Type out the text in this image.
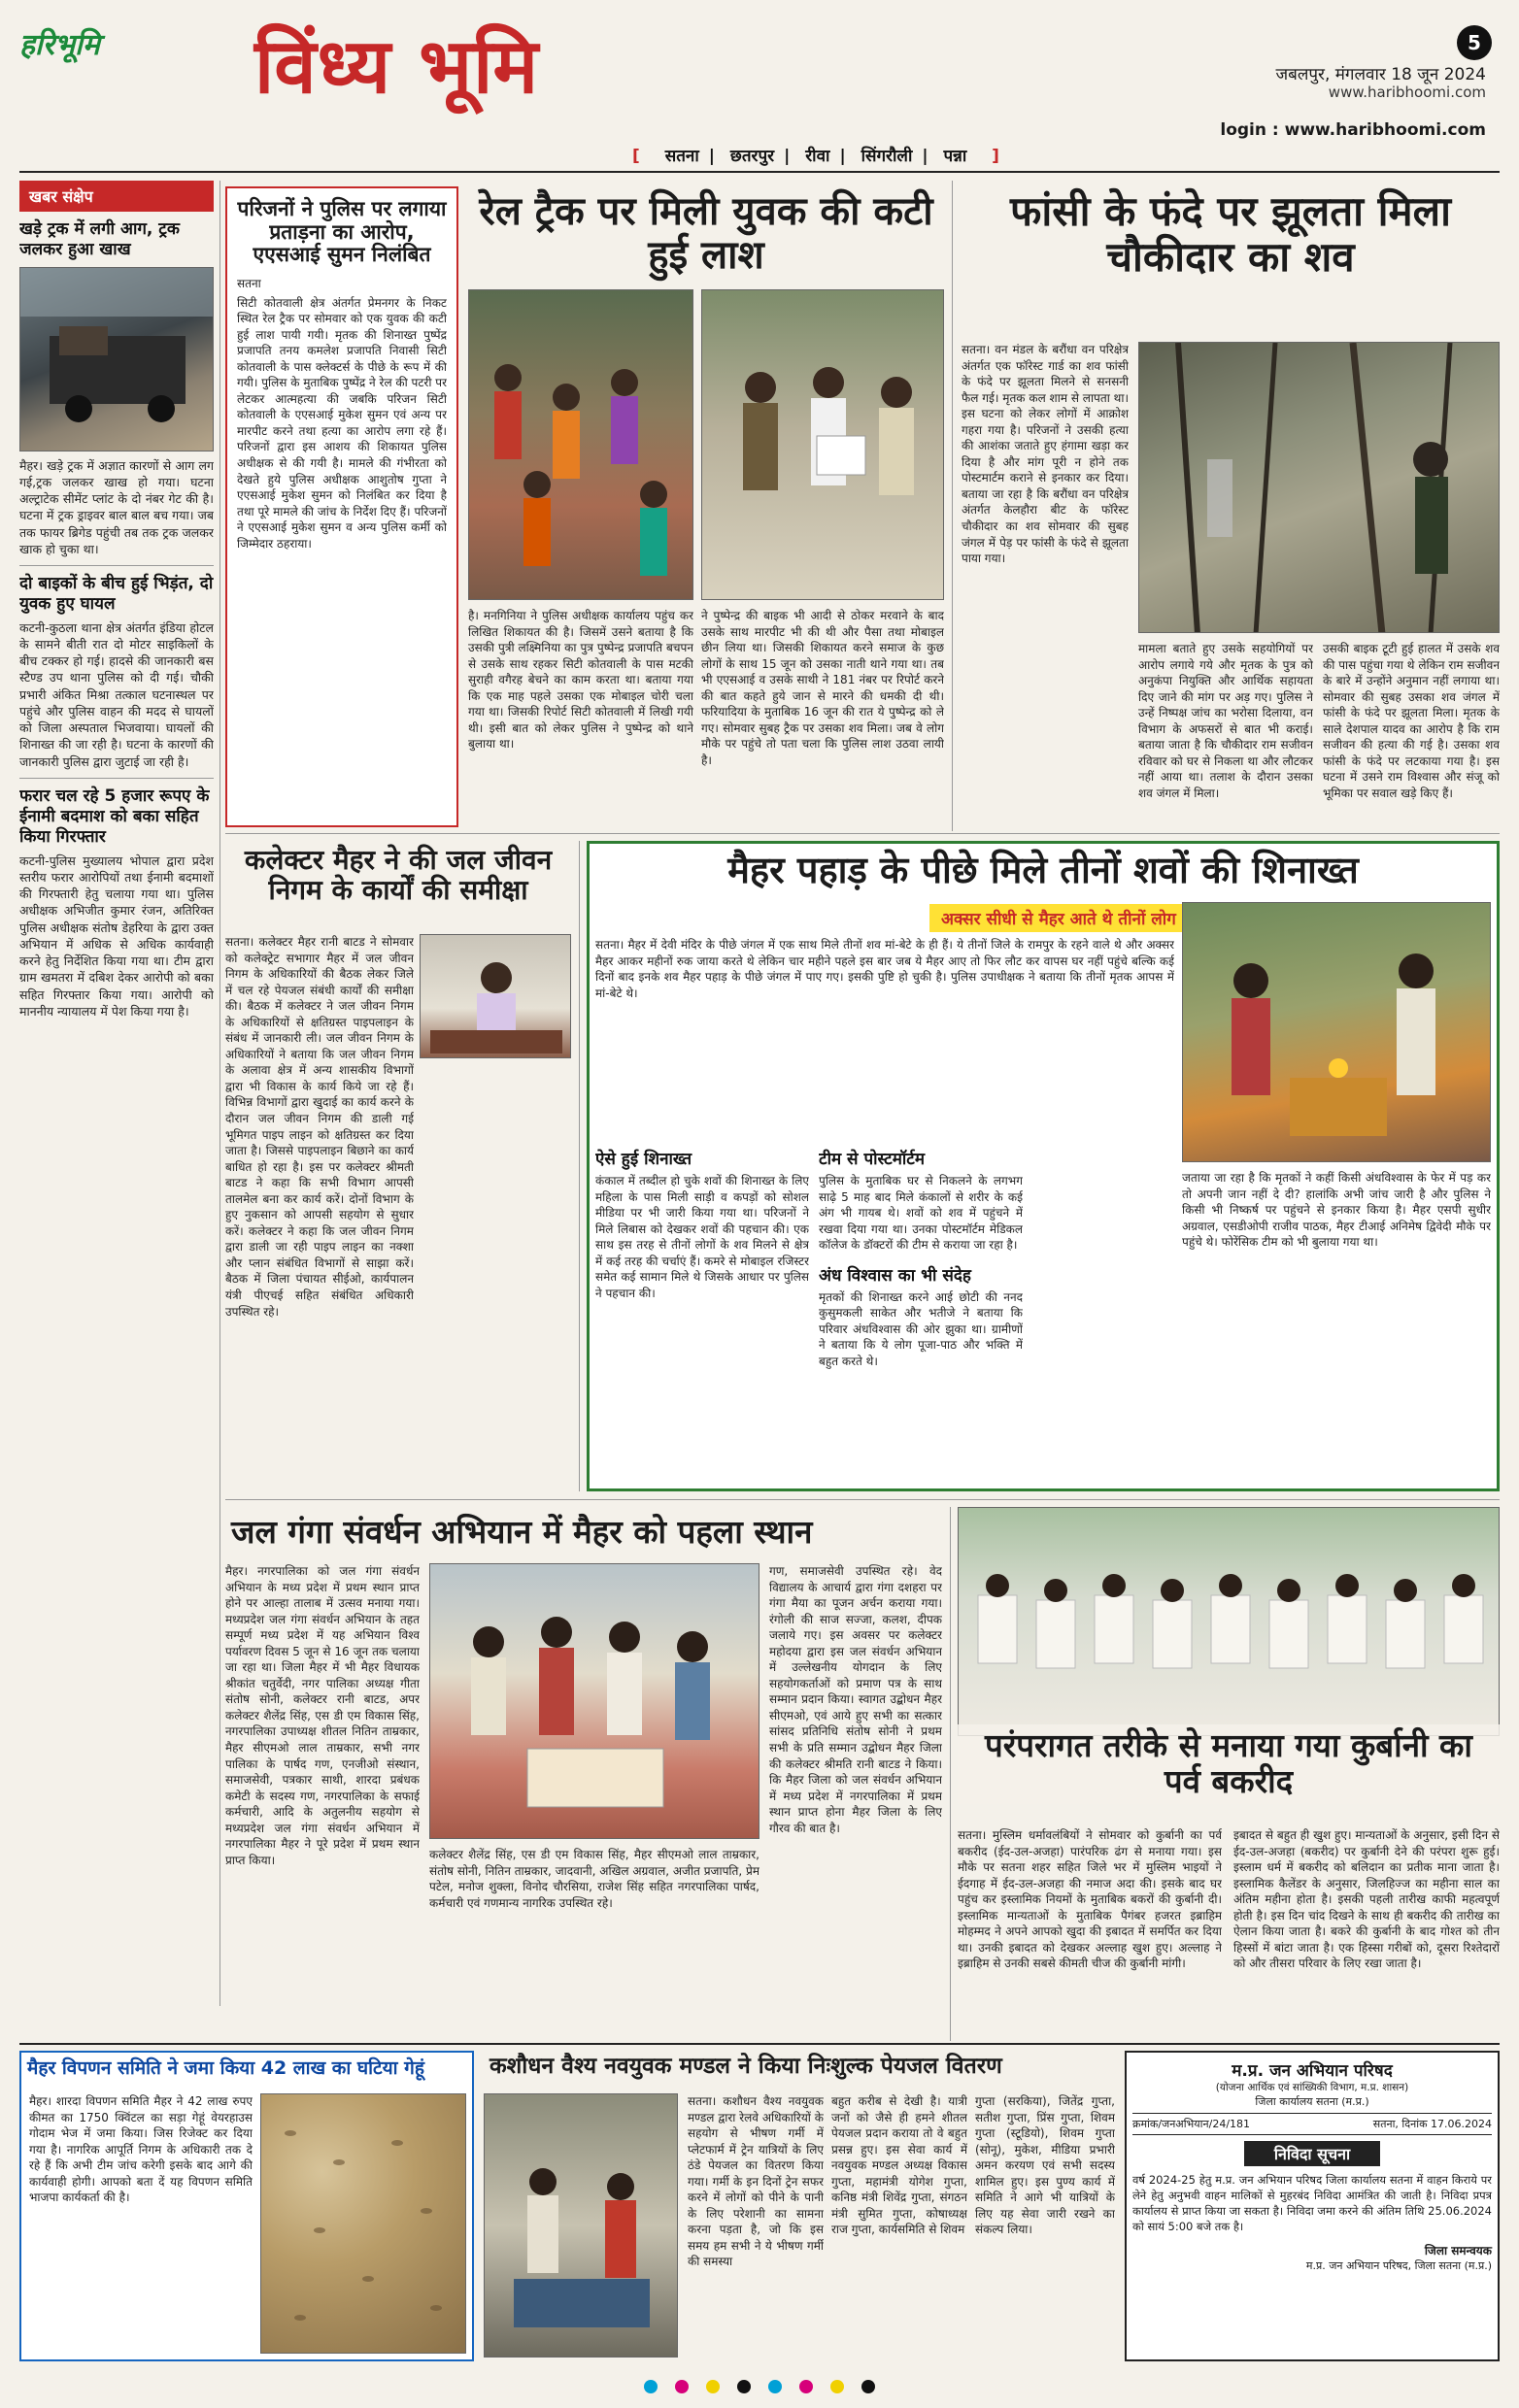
हरिभूमि विंध्य भूमि	5
जबलपुर, मंगलवार 18 जून 2024
www.haribhoomi.com
login : www.haribhoomi.com
[ सतना | छतरपुर | रीवा | सिंगरौली | पन्ना ]
खबर संक्षेप
खड़े ट्रक में लगी आग, ट्रक जलकर हुआ खाख
मैहर। खड़े ट्रक में अज्ञात कारणों से आग लग गई,ट्रक जलकर खाख हो गया। घटना अल्ट्राटेक सीमेंट प्लांट के दो नंबर गेट की है। घटना में ट्रक ड्राइवर बाल बाल बच गया। जब तक फायर ब्रिगेड पहुंची तब तक ट्रक जलकर खाक हो चुका था।
दो बाइकों के बीच हुई भिड़ंत, दो युवक हुए घायल
कटनी-कुठला थाना क्षेत्र अंतर्गत इंडिया होटल के सामने बीती रात दो मोटर साइकिलों के बीच टक्कर हो गई। हादसे की जानकारी बस स्टैण्ड उप थाना पुलिस को दी गई। चौकी प्रभारी अंकित मिश्रा तत्काल घटनास्थल पर पहुंचे और पुलिस वाहन की मदद से घायलों को जिला अस्पताल भिजवाया। घायलों की शिनाख्त की जा रही है। घटना के कारणों की जानकारी पुलिस द्वारा जुटाई जा रही है।
फरार चल रहे 5 हजार रूपए के ईनामी बदमाश को बका सहित किया गिरफ्तार
कटनी-पुलिस मुख्यालय भोपाल द्वारा प्रदेश स्तरीय फरार आरोपियों तथा ईनामी बदमाशों की गिरफ्तारी हेतु चलाया गया था। पुलिस अधीक्षक अभिजीत कुमार रंजन, अतिरिक्त पुलिस अधीक्षक संतोष डेहरिया के द्वारा उक्त अभियान में अधिक से अधिक कार्यवाही करने हेतु निर्देशित किया गया था। टीम द्वारा ग्राम खमतरा में दबिश देकर आरोपी को बका सहित गिरफ्तार किया गया। आरोपी को माननीय न्यायालय में पेश किया गया है।
परिजनों ने पुलिस पर लगाया प्रताड़ना का आरोप, एएसआई सुमन निलंबित
सतना
सिटी कोतवाली क्षेत्र अंतर्गत प्रेमनगर के निकट स्थित रेल ट्रैक पर सोमवार को एक युवक की कटी हुई लाश पायी गयी। मृतक की शिनाख्त पुष्पेंद्र प्रजापति तनय कमलेश प्रजापति निवासी सिटी कोतवाली के पास क्लेक्टर्स के पीछे के रूप में की गयी। पुलिस के मुताबिक पुष्पेंद्र ने रेल की पटरी पर लेटकर आत्महत्या की जबकि परिजन सिटी कोतवाली के एएसआई मुकेश सुमन एवं अन्य पर मारपीट करने तथा हत्या का आरोप लगा रहे हैं। परिजनों द्वारा इस आशय की शिकायत पुलिस अधीक्षक से की गयी है। मामले की गंभीरता को देखते हुये पुलिस अधीक्षक आशुतोष गुप्ता ने एएसआई मुकेश सुमन को निलंबित कर दिया है तथा पूरे मामले की जांच के निर्देश दिए हैं। परिजनों ने एएसआई मुकेश सुमन व अन्य पुलिस कर्मी को जिम्मेदार ठहराया।
रेल ट्रैक पर मिली युवक की कटी हुई लाश
है। मनगिनिया ने पुलिस अधीक्षक कार्यालय पहुंच कर लिखित शिकायत की है। जिसमें उसने बताया है कि उसकी पुत्री लक्ष्मिनिया का पुत्र पुष्पेन्द्र प्रजापति बचपन से उसके साथ रहकर सिटी कोतवाली के पास मटकी सुराही वगैरह बेचने का काम करता था। बताया गया कि एक माह पहले उसका एक मोबाइल चोरी चला गया था। जिसकी रिपोर्ट सिटी कोतवाली में लिखी गयी थी। इसी बात को लेकर पुलिस ने पुष्पेन्द्र को थाने बुलाया था।
ने पुष्पेन्द्र की बाइक भी आदी से ठोकर मरवाने के बाद उसके साथ मारपीट भी की थी और पैसा तथा मोबाइल छीन लिया था। जिसकी शिकायत करने समाज के कुछ लोगों के साथ 15 जून को उसका नाती थाने गया था। तब भी एएसआई व उसके साथी ने 181 नंबर पर रिपोर्ट करने की बात कहते हुये जान से मारने की धमकी दी थी। फरियादिया के मुताबिक 16 जून की रात ये पुष्पेन्द्र को ले गए। सोमवार सुबह ट्रैक पर उसका शव मिला। जब वे लोग मौके पर पहुंचे तो पता चला कि पुलिस लाश उठवा लायी है।
फांसी के फंदे पर झूलता मिला चौकीदार का शव
सतना। वन मंडल के बरौंधा वन परिक्षेत्र अंतर्गत एक फॉरेस्ट गार्ड का शव फांसी के फंदे पर झूलता मिलने से सनसनी फैल गई। मृतक कल शाम से लापता था। इस घटना को लेकर लोगों में आक्रोश गहरा गया है। परिजनों ने उसकी हत्या की आशंका जताते हुए हंगामा खड़ा कर दिया है और मांग पूरी न होने तक पोस्टमार्टम कराने से इनकार कर दिया। बताया जा रहा है कि बरौंधा वन परिक्षेत्र अंतर्गत केलहौरा बीट के फॉरेस्ट चौकीदार का शव सोमवार की सुबह जंगल में पेड़ पर फांसी के फंदे से झूलता पाया गया।
मामला बताते हुए उसके सहयोगियों पर आरोप लगाये गये और मृतक के पुत्र को अनुकंपा नियुक्ति और आर्थिक सहायता दिए जाने की मांग पर अड़ गए। पुलिस ने उन्हें निष्पक्ष जांच का भरोसा दिलाया, वन विभाग के अफसरों से बात भी कराई। बताया जाता है कि चौकीदार राम सजीवन रविवार को घर से निकला था और लौटकर नहीं आया था। तलाश के दौरान उसका शव जंगल में मिला।
उसकी बाइक टूटी हुई हालत में उसके शव की पास पहुंचा गया थे लेकिन राम सजीवन के बारे में उन्होंने अनुमान नहीं लगाया था। सोमवार की सुबह उसका शव जंगल में फांसी के फंदे पर झूलता मिला। मृतक के साले देशपाल यादव का आरोप है कि राम सजीवन की हत्या की गई है। उसका शव फांसी के फंदे पर लटकाया गया है। इस घटना में उसने राम विश्वास और संजू को भूमिका पर सवाल खड़े किए हैं।
कलेक्टर मैहर ने की जल जीवन निगम के कार्यों की समीक्षा
सतना। कलेक्टर मैहर रानी बाटड ने सोमवार को कलेक्ट्रेट सभागार मैहर में जल जीवन निगम के अधिकारियों की बैठक लेकर जिले में चल रहे पेयजल संबंधी कार्यों की समीक्षा की। बैठक में कलेक्टर ने जल जीवन निगम के अधिकारियों से क्षतिग्रस्त पाइपलाइन के संबंध में जानकारी ली। जल जीवन निगम के अधिकारियों ने बताया कि जल जीवन निगम के अलावा क्षेत्र में अन्य शासकीय विभागों द्वारा भी विकास के कार्य किये जा रहे हैं। विभिन्न विभागों द्वारा खुदाई का कार्य करने के दौरान जल जीवन निगम की डाली गई भूमिगत पाइप लाइन को क्षतिग्रस्त कर दिया जाता है। जिससे पाइपलाइन बिछाने का कार्य बाधित हो रहा है। इस पर कलेक्टर श्रीमती बाटड ने कहा कि सभी विभाग आपसी तालमेल बना कर कार्य करें। दोनों विभाग के हुए नुकसान को आपसी सहयोग से सुधार करें। कलेक्टर ने कहा कि जल जीवन निगम द्वारा डाली जा रही पाइप लाइन का नक्शा और प्लान संबंधित विभागों से साझा करें। बैठक में जिला पंचायत सीईओ, कार्यपालन यंत्री पीएचई सहित संबंधित अधिकारी उपस्थित रहे।
मैहर पहाड़ के पीछे मिले तीनों शवों की शिनाख्त
अक्सर सीधी से मैहर आते थे तीनों लोग
सतना। मैहर में देवी मंदिर के पीछे जंगल में एक साथ मिले तीनों शव मां-बेटे के ही हैं। ये तीनों जिले के रामपुर के रहने वाले थे और अक्सर मैहर आकर महीनों रुक जाया करते थे लेकिन चार महीने पहले इस बार जब ये मैहर आए तो फिर लौट कर वापस घर नहीं पहुंचे बल्कि कई दिनों बाद इनके शव मैहर पहाड़ के पीछे जंगल में पाए गए। इसकी पुष्टि हो चुकी है। पुलिस उपाधीक्षक ने बताया कि तीनों मृतक आपस में मां-बेटे थे।
ऐसे हुई शिनाख्त
कंकाल में तब्दील हो चुके शवों की शिनाख्त के लिए महिला के पास मिली साड़ी व कपड़ों को सोशल मीडिया पर भी जारी किया गया था। परिजनों ने मिले लिबास को देखकर शवों की पहचान की। एक साथ इस तरह से तीनों लोगों के शव मिलने से क्षेत्र में कई तरह की चर्चाएं हैं। कमरे से मोबाइल रजिस्टर समेत कई सामान मिले थे जिसके आधार पर पुलिस ने पहचान की।
टीम से पोस्टमॉर्टम
पुलिस के मुताबिक घर से निकलने के लगभग साढ़े 5 माह बाद मिले कंकालों से शरीर के कई अंग भी गायब थे। शवों को शव में पहुंचने में रखवा दिया गया था। उनका पोस्टमॉर्टम मेडिकल कॉलेज के डॉक्टरों की टीम से कराया जा रहा है।
अंध विश्वास का भी संदेह
मृतकों की शिनाख्त करने आई छोटी की ननद कुसुमकली साकेत और भतीजे ने बताया कि परिवार अंधविश्वास की ओर झुका था। ग्रामीणों ने बताया कि ये लोग पूजा-पाठ और भक्ति में बहुत करते थे।
जताया जा रहा है कि मृतकों ने कहीं किसी अंधविश्वास के फेर में पड़ कर तो अपनी जान नहीं दे दी? हालांकि अभी जांच जारी है और पुलिस ने किसी भी निष्कर्ष पर पहुंचने से इनकार किया है। मैहर एसपी सुधीर अग्रवाल, एसडीओपी राजीव पाठक, मैहर टीआई अनिमेष द्विवेदी मौके पर पहुंचे थे। फोरेंसिक टीम को भी बुलाया गया था।
जल गंगा संवर्धन अभियान में मैहर को पहला स्थान
मैहर। नगरपालिका को जल गंगा संवर्धन अभियान के मध्य प्रदेश में प्रथम स्थान प्राप्त होने पर आल्हा तालाब में उत्सव मनाया गया। मध्यप्रदेश जल गंगा संवर्धन अभियान के तहत सम्पूर्ण मध्य प्रदेश में यह अभियान विश्व पर्यावरण दिवस 5 जून से 16 जून तक चलाया जा रहा था। जिला मैहर में भी मैहर विधायक श्रीकांत चतुर्वेदी, नगर पालिका अध्यक्ष गीता संतोष सोनी, कलेक्टर रानी बाटड, अपर कलेक्टर शैलेंद्र सिंह, एस डी एम विकास सिंह, नगरपालिका उपाध्यक्ष शीतल नितिन ताम्रकार, मैहर सीएमओ लाल ताम्रकार, सभी नगर पालिका के पार्षद गण, एनजीओ संस्थान, समाजसेवी, पत्रकार साथी, शारदा प्रबंधक कमेटी के सदस्य गण, नगरपालिका के सफाई कर्मचारी, आदि के अतुलनीय सहयोग से मध्यप्रदेश जल गंगा संवर्धन अभियान में नगरपालिका मैहर ने पूरे प्रदेश में प्रथम स्थान प्राप्त किया।	कलेक्टर शैलेंद्र सिंह, एस डी एम विकास सिंह, मैहर सीएमओ लाल ताम्रकार, संतोष सोनी, नितिन ताम्रकार, जादवानी, अखिल अग्रवाल, अजीत प्रजापति, प्रेम पटेल, मनोज शुक्ला, विनोद चौरसिया, राजेश सिंह सहित नगरपालिका पार्षद, कर्मचारी एवं गणमान्य नागरिक उपस्थित रहे।
गण, समाजसेवी उपस्थित रहे। वेद विद्यालय के आचार्य द्वारा गंगा दशहरा पर गंगा मैया का पूजन अर्चन कराया गया। रंगोली की साज सज्जा, कलश, दीपक जलाये गए। इस अवसर पर कलेक्टर महोदया द्वारा इस जल संवर्धन अभियान में उल्लेखनीय योगदान के लिए सहयोगकर्ताओं को प्रमाण पत्र के साथ सम्मान प्रदान किया। स्वागत उद्बोधन मैहर सीएमओ, एवं आये हुए सभी का सत्कार सांसद प्रतिनिधि संतोष सोनी ने प्रथम सभी के प्रति सम्मान उद्बोधन मैहर जिला की कलेक्टर श्रीमति रानी बाटड ने किया। कि मैहर जिला को जल संवर्धन अभियान में मध्य प्रदेश में नगरपालिका में प्रथम स्थान प्राप्त होना मैहर जिला के लिए गौरव की बात है।
परंपरागत तरीके से मनाया गया कुर्बानी का पर्व बकरीद
सतना। मुस्लिम धर्मावलंबियों ने सोमवार को कुर्बानी का पर्व बकरीद (ईद-उल-अजहा) पारंपरिक ढंग से मनाया गया। इस मौके पर सतना शहर सहित जिले भर में मुस्लिम भाइयों ने ईदगाह में ईद-उल-अजहा की नमाज अदा की। इसके बाद घर पहुंच कर इस्लामिक नियमों के मुताबिक बकरों की कुर्बानी दी। इस्लामिक मान्यताओं के मुताबिक पैगंबर हजरत इब्राहिम मोहम्मद ने अपने आपको खुदा की इबादत में समर्पित कर दिया था। उनकी इबादत को देखकर अल्लाह खुश हुए। अल्लाह ने इब्राहिम से उनकी सबसे कीमती चीज की कुर्बानी मांगी।
इबादत से बहुत ही खुश हुए। मान्यताओं के अनुसार, इसी दिन से ईद-उल-अजहा (बकरीद) पर कुर्बानी देने की परंपरा शुरू हुई। इस्लाम धर्म में बकरीद को बलिदान का प्रतीक माना जाता है। इस्लामिक कैलेंडर के अनुसार, जिलहिज्ज का महीना साल का अंतिम महीना होता है। इसकी पहली तारीख काफी महत्वपूर्ण होती है। इस दिन चांद दिखने के साथ ही बकरीद की तारीख का ऐलान किया जाता है। बकरे की कुर्बानी के बाद गोश्त को तीन हिस्सों में बांटा जाता है। एक हिस्सा गरीबों को, दूसरा रिश्तेदारों को और तीसरा परिवार के लिए रखा जाता है।
मैहर विपणन समिति ने जमा किया 42 लाख का घटिया गेहूं
मैहर। शारदा विपणन समिति मैहर ने 42 लाख रुपए कीमत का 1750 क्विंटल का सड़ा गेहूं वेयरहाउस गोदाम भेज में जमा किया। जिस रिजेक्ट कर दिया गया है। नागरिक आपूर्ति निगम के अधिकारी तक दे रहे हैं कि अभी टीम जांच करेगी इसके बाद आगे की कार्यवाही होगी। आपको बता दें यह विपणन समिति भाजपा कार्यकर्ता की है।
कशौधन वैश्य नवयुवक मण्डल ने किया निःशुल्क पेयजल वितरण
सतना। कशौधन वैश्य नवयुवक मण्डल द्वारा रेलवे अधिकारियों के सहयोग से भीषण गर्मी में प्लेटफार्म में ट्रेन यात्रियों के लिए ठंडे पेयजल का वितरण किया गया। गर्मी के इन दिनों ट्रेन सफर करने में लोगों को पीने के पानी के लिए परेशानी का सामना करना पड़ता है, जो कि इस समय हम सभी ने ये भीषण गर्मी की समस्या
बहुत करीब से देखी है। यात्री जनों को जैसे ही हमने शीतल पेयजल प्रदान कराया तो वे बहुत प्रसन्न हुए। इस सेवा कार्य में नवयुवक मण्डल अध्यक्ष विकास गुप्ता, महामंत्री योगेश गुप्ता, कनिष्ठ मंत्री शिवेंद्र गुप्ता, संगठन मंत्री सुमित गुप्ता, कोषाध्यक्ष राज गुप्ता, कार्यसमिति से शिवम
गुप्ता (सरकिया), जितेंद्र गुप्ता, सतीश गुप्ता, प्रिंस गुप्ता, शिवम गुप्ता (स्टूडियो), शिवम गुप्ता (सोनू), मुकेश, मीडिया प्रभारी अमन करयण एवं सभी सदस्य शामिल हुए। इस पुण्य कार्य में समिति ने आगे भी यात्रियों के लिए यह सेवा जारी रखने का संकल्प लिया।
म.प्र. जन अभियान परिषद
(योजना आर्थिक एवं सांख्यिकी विभाग, म.प्र. शासन)
जिला कार्यालय सतना (म.प्र.)
क्रमांक/जनअभियान/24/181	सतना, दिनांक 17.06.2024
निविदा सूचना
वर्ष 2024-25 हेतु म.प्र. जन अभियान परिषद जिला कार्यालय सतना में वाहन किराये पर लेने हेतु अनुभवी वाहन मालिकों से मुहरबंद निविदा आमंत्रित की जाती है। निविदा प्रपत्र कार्यालय से प्राप्त किया जा सकता है। निविदा जमा करने की अंतिम तिथि 25.06.2024 को सायं 5:00 बजे तक है।
जिला समन्वयक
म.प्र. जन अभियान परिषद, जिला सतना (म.प्र.)
